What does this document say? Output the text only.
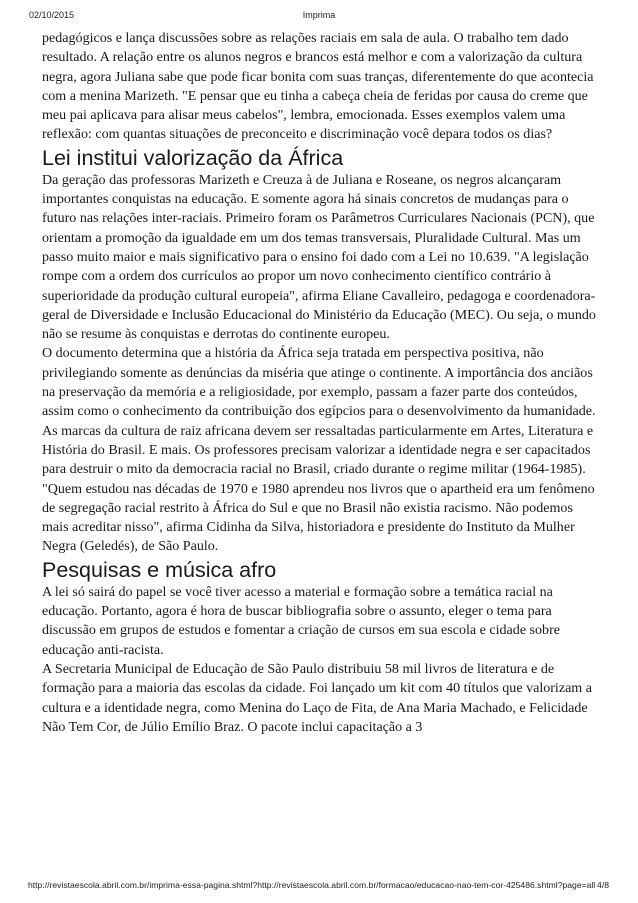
02/10/2015	Imprima

pedagógicos e lança discussões sobre as relações raciais em sala de aula. O trabalho tem dado resultado. A relação entre os alunos negros e brancos está melhor e com a valorização da cultura negra, agora Juliana sabe que pode ficar bonita com suas tranças, diferentemente do que acontecia com a menina Marizeth. "E pensar que eu tinha a cabeça cheia de feridas por causa do creme que meu pai aplicava para alisar meus cabelos", lembra, emocionada. Esses exemplos valem uma reflexão: com quantas situações de preconceito e discriminação você depara todos os dias?

Lei institui valorização da África

Da geração das professoras Marizeth e Creuza à de Juliana e Roseane, os negros alcançaram importantes conquistas na educação. E somente agora há sinais concretos de mudanças para o futuro nas relações inter-raciais. Primeiro foram os Parâmetros Curriculares Nacionais (PCN), que orientam a promoção da igualdade em um dos temas transversais, Pluralidade Cultural. Mas um passo muito maior e mais significativo para o ensino foi dado com a Lei no 10.639. "A legislação rompe com a ordem dos currículos ao propor um novo conhecimento científico contrário à superioridade da produção cultural europeia", afirma Eliane Cavalleiro, pedagoga e coordenadora-geral de Diversidade e Inclusão Educacional do Ministério da Educação (MEC). Ou seja, o mundo não se resume às conquistas e derrotas do continente europeu.

O documento determina que a história da África seja tratada em perspectiva positiva, não privilegiando somente as denúncias da miséria que atinge o continente. A importância dos anciãos na preservação da memória e a religiosidade, por exemplo, passam a fazer parte dos conteúdos, assim como o conhecimento da contribuição dos egípcios para o desenvolvimento da humanidade. As marcas da cultura de raiz africana devem ser ressaltadas particularmente em Artes, Literatura e História do Brasil. E mais. Os professores precisam valorizar a identidade negra e ser capacitados para destruir o mito da democracia racial no Brasil, criado durante o regime militar (1964-1985). "Quem estudou nas décadas de 1970 e 1980 aprendeu nos livros que o apartheid era um fenômeno de segregação racial restrito à África do Sul e que no Brasil não existia racismo. Não podemos mais acreditar nisso", afirma Cidinha da Silva, historiadora e presidente do Instituto da Mulher Negra (Geledés), de São Paulo.

Pesquisas e música afro

A lei só sairá do papel se você tiver acesso a material e formação sobre a temática racial na educação. Portanto, agora é hora de buscar bibliografia sobre o assunto, eleger o tema para discussão em grupos de estudos e fomentar a criação de cursos em sua escola e cidade sobre educação anti-racista.

A Secretaria Municipal de Educação de São Paulo distribuiu 58 mil livros de literatura e de formação para a maioria das escolas da cidade. Foi lançado um kit com 40 títulos que valorizam a cultura e a identidade negra, como Menina do Laço de Fita, de Ana Maria Machado, e Felicidade Não Tem Cor, de Júlio Emílio Braz. O pacote inclui capacitação a 3

http://revistaescola.abril.com.br/imprima-essa-pagina.shtml?http://revistaescola.abril.com.br/formacao/educacao-nao-tem-cor-425486.shtml?page=all 4/8
